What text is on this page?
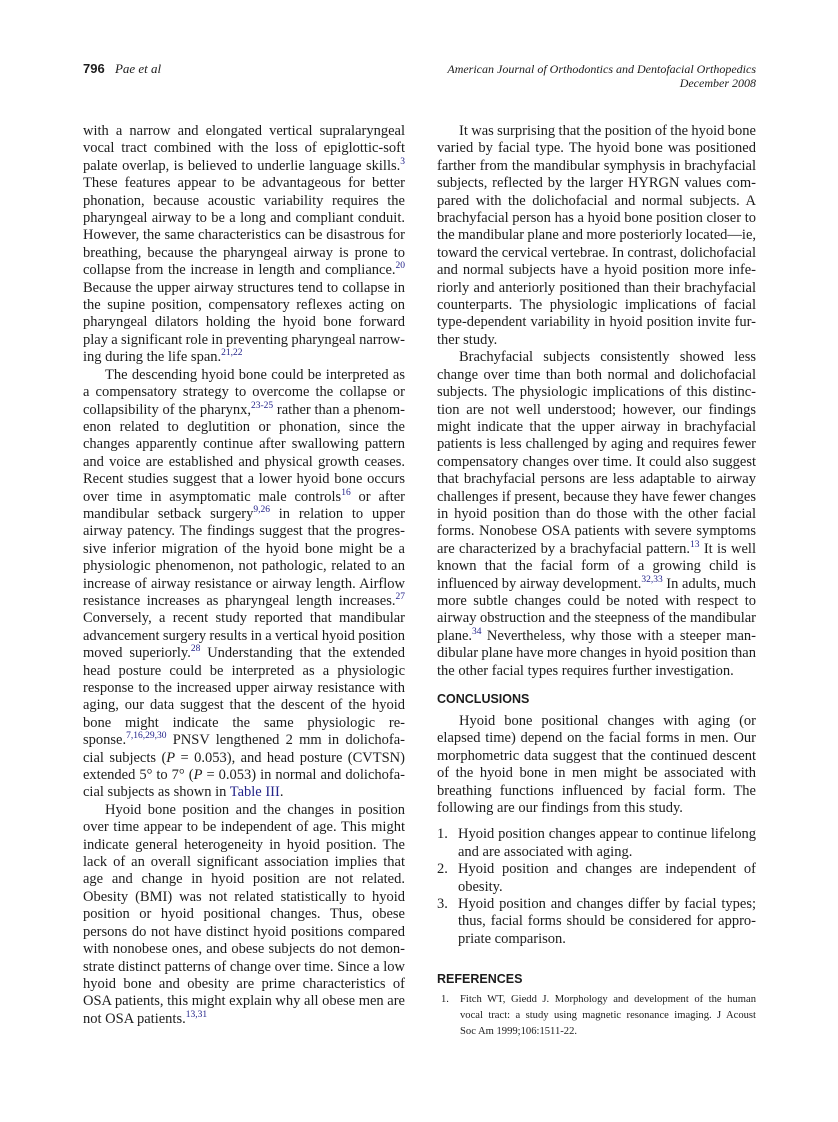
796 Pae et al	American Journal of Orthodontics and Dentofacial Orthopedics
December 2008
with a narrow and elongated vertical supralaryngeal
vocal tract combined with the loss of epiglottic-soft
palate overlap, is believed to underlie language skills.$^3$
These features appear to be advantageous for better
phonation, because acoustic variability requires the
pharyngeal airway to be a long and compliant conduit.
However, the same characteristics can be disastrous for
breathing, because the pharyngeal airway is prone to
collapse from the increase in length and compliance.$^{20}$
Because the upper airway structures tend to collapse in
the supine position, compensatory reflexes acting on
pharyngeal dilators holding the hyoid bone forward
play a significant role in preventing pharyngeal narrow-
ing during the life span.$^{21,22}$
The descending hyoid bone could be interpreted as
a compensatory strategy to overcome the collapse or
collapsibility of the pharynx,$^{23-25}$ rather than a phenom-
enon related to deglutition or phonation, since the
changes apparently continue after swallowing pattern
and voice are established and physical growth ceases.
Recent studies suggest that a lower hyoid bone occurs
over time in asymptomatic male controls$^{16}$ or after
mandibular setback surgery$^{9,26}$ in relation to upper
airway patency. The findings suggest that the progres-
sive inferior migration of the hyoid bone might be a
physiologic phenomenon, not pathologic, related to an
increase of airway resistance or airway length. Airflow
resistance increases as pharyngeal length increases.$^{27}$
Conversely, a recent study reported that mandibular
advancement surgery results in a vertical hyoid position
moved superiorly.$^{28}$ Understanding that the extended
head posture could be interpreted as a physiologic
response to the increased upper airway resistance with
aging, our data suggest that the descent of the hyoid
bone might indicate the same physiologic re-
sponse.$^{7,16,29,30}$ PNSV lengthened 2 mm in dolichofa-
cial subjects (P = 0.053), and head posture (CVTSN)
extended 5° to 7° (P = 0.053) in normal and dolichofa-
cial subjects as shown in Table III.
Hyoid bone position and the changes in position
over time appear to be independent of age. This might
indicate general heterogeneity in hyoid position. The
lack of an overall significant association implies that
age and change in hyoid position are not related.
Obesity (BMI) was not related statistically to hyoid
position or hyoid positional changes. Thus, obese
persons do not have distinct hyoid positions compared
with nonobese ones, and obese subjects do not demon-
strate distinct patterns of change over time. Since a low
hyoid bone and obesity are prime characteristics of
OSA patients, this might explain why all obese men are
not OSA patients.$^{13,31}$
It was surprising that the position of the hyoid bone
varied by facial type. The hyoid bone was positioned
farther from the mandibular symphysis in brachyfacial
subjects, reflected by the larger HYRGN values com-
pared with the dolichofacial and normal subjects. A
brachyfacial person has a hyoid bone position closer to
the mandibular plane and more posteriorly located—ie,
toward the cervical vertebrae. In contrast, dolichofacial
and normal subjects have a hyoid position more infe-
riorly and anteriorly positioned than their brachyfacial
counterparts. The physiologic implications of facial
type-dependent variability in hyoid position invite fur-
ther study.
Brachyfacial subjects consistently showed less
change over time than both normal and dolichofacial
subjects. The physiologic implications of this distinc-
tion are not well understood; however, our findings
might indicate that the upper airway in brachyfacial
patients is less challenged by aging and requires fewer
compensatory changes over time. It could also suggest
that brachyfacial persons are less adaptable to airway
challenges if present, because they have fewer changes
in hyoid position than do those with the other facial
forms. Nonobese OSA patients with severe symptoms
are characterized by a brachyfacial pattern.$^{13}$ It is well
known that the facial form of a growing child is
influenced by airway development.$^{32,33}$ In adults, much
more subtle changes could be noted with respect to
airway obstruction and the steepness of the mandibular
plane.$^{34}$ Nevertheless, why those with a steeper man-
dibular plane have more changes in hyoid position than
the other facial types requires further investigation.
CONCLUSIONS
Hyoid bone positional changes with aging (or
elapsed time) depend on the facial forms in men. Our
morphometric data suggest that the continued descent
of the hyoid bone in men might be associated with
breathing functions influenced by facial form. The
following are our findings from this study.
1. Hyoid position changes appear to continue lifelong
and are associated with aging.
2. Hyoid position and changes are independent of
obesity.
3. Hyoid position and changes differ by facial types;
thus, facial forms should be considered for appro-
priate comparison.
REFERENCES
1. Fitch WT, Giedd J. Morphology and development of the human
vocal tract: a study using magnetic resonance imaging. J Acoust
Soc Am 1999;106:1511-22.
